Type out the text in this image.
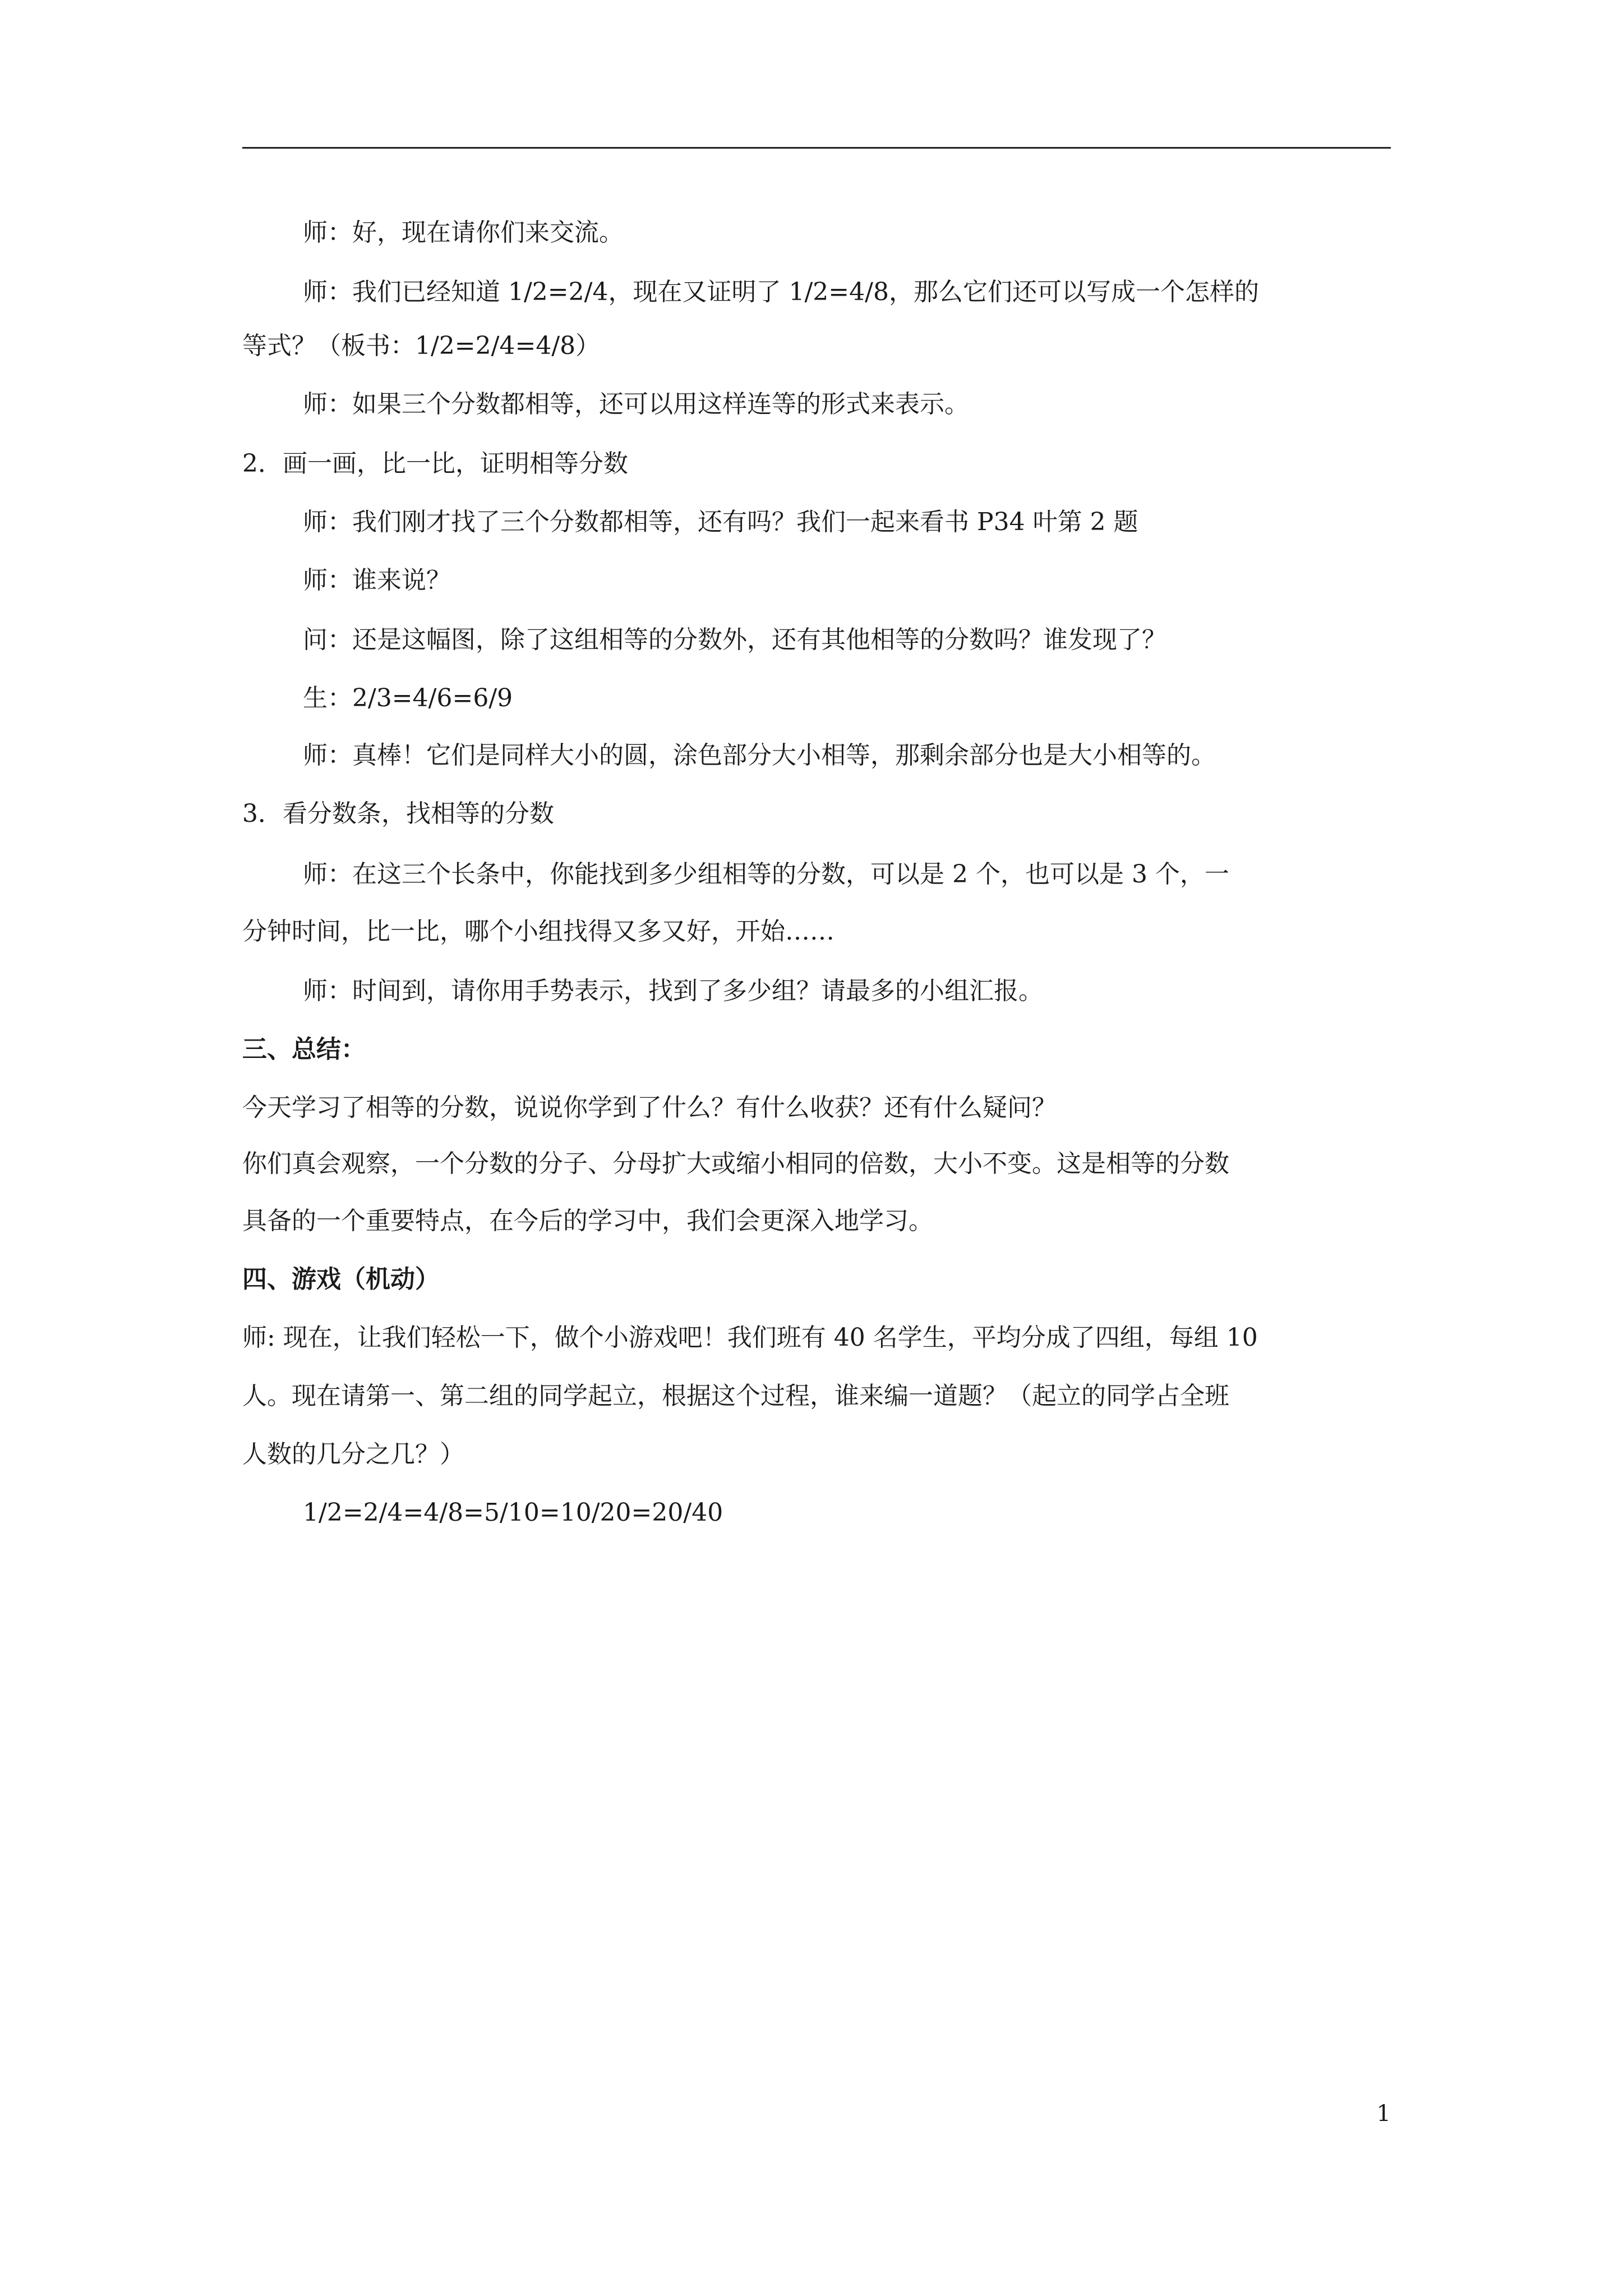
师：好，现在请你们来交流。
师：我们已经知道 1/2=2/4，现在又证明了 1/2=4/8，那么它们还可以写成一个怎样的
等式？（板书：1/2=2/4=4/8）
师：如果三个分数都相等，还可以用这样连等的形式来表示。
2．画一画，比一比，证明相等分数
师：我们刚才找了三个分数都相等，还有吗？我们一起来看书 P34 叶第 2 题
师：谁来说？
问：还是这幅图，除了这组相等的分数外，还有其他相等的分数吗？谁发现了？
生：2/3=4/6=6/9
师：真棒！它们是同样大小的圆，涂色部分大小相等，那剩余部分也是大小相等的。
3．看分数条，找相等的分数
师：在这三个长条中，你能找到多少组相等的分数，可以是 2 个，也可以是 3 个，一
分钟时间，比一比，哪个小组找得又多又好，开始……
师：时间到，请你用手势表示，找到了多少组？请最多的小组汇报。
三、总结：
今天学习了相等的分数，说说你学到了什么？有什么收获？还有什么疑问？
你们真会观察，一个分数的分子、分母扩大或缩小相同的倍数，大小不变。这是相等的分数
具备的一个重要特点，在今后的学习中，我们会更深入地学习。
四、游戏（机动）
师: 现在，让我们轻松一下，做个小游戏吧！我们班有 40 名学生，平均分成了四组，每组 10
人。现在请第一、第二组的同学起立，根据这个过程，谁来编一道题？（起立的同学占全班
人数的几分之几？）
1/2=2/4=4/8=5/10=10/20=20/40
1
